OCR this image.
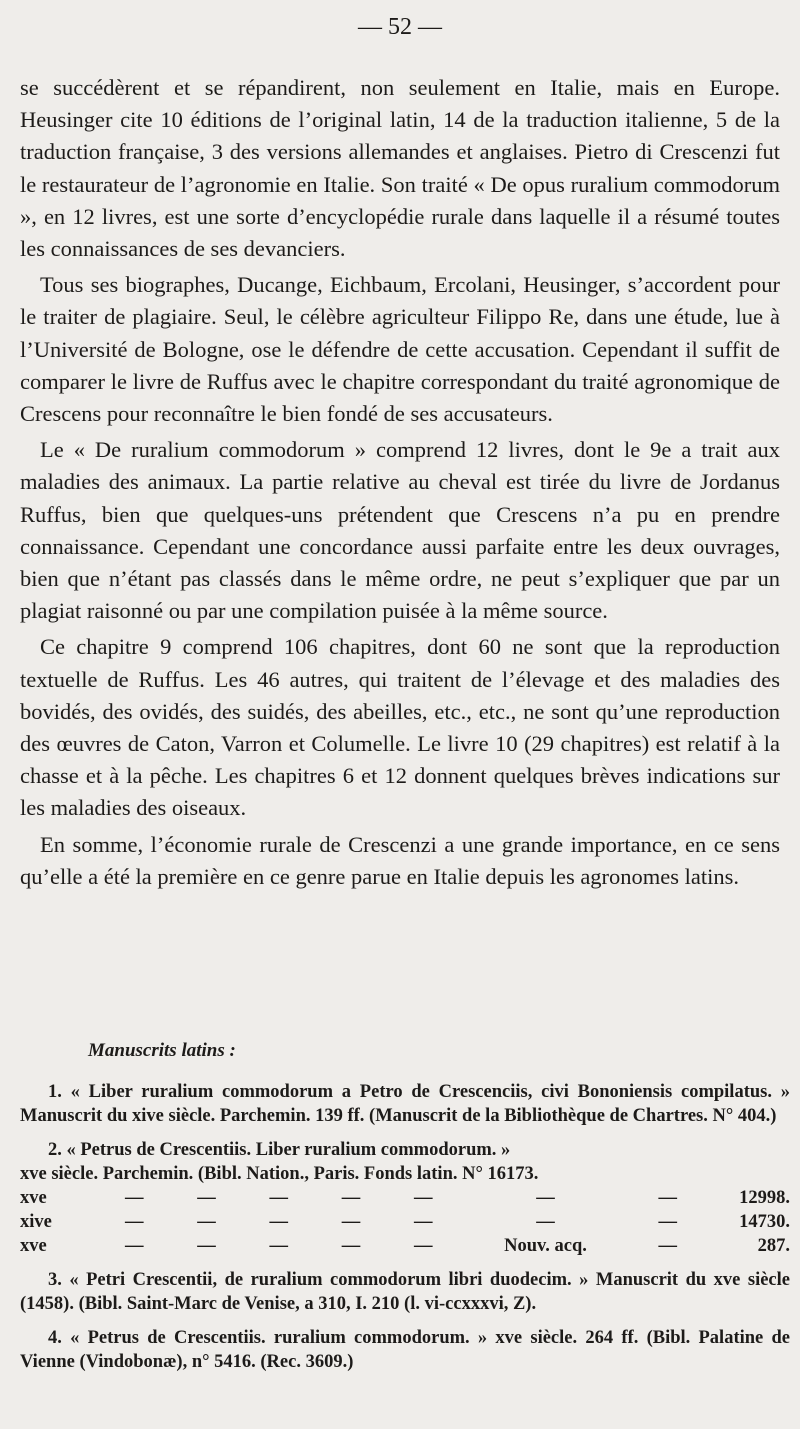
— 52 —

se succédèrent et se répandirent, non seulement en Italie, mais en Europe. Heusinger cite 10 éditions de l’original latin, 14 de la traduction italienne, 5 de la traduction française, 3 des versions allemandes et anglaises. Pietro di Crescenzi fut le restaurateur de l’agronomie en Italie. Son traité « De opus ruralium commodorum », en 12 livres, est une sorte d’encyclopédie rurale dans laquelle il a résumé toutes les connaissances de ses devanciers.

Tous ses biographes, Ducange, Eichbaum, Ercolani, Heusinger, s’accordent pour le traiter de plagiaire. Seul, le célèbre agriculteur Filippo Re, dans une étude, lue à l’Université de Bologne, ose le défendre de cette accusation. Cependant il suffit de comparer le livre de Ruffus avec le chapitre correspondant du traité agronomique de Crescens pour reconnaître le bien fondé de ses accusateurs.

Le « De ruralium commodorum » comprend 12 livres, dont le 9e a trait aux maladies des animaux. La partie relative au cheval est tirée du livre de Jordanus Ruffus, bien que quelques-uns prétendent que Crescens n’a pu en prendre connaissance. Cependant une concordance aussi parfaite entre les deux ouvrages, bien que n’étant pas classés dans le même ordre, ne peut s’expliquer que par un plagiat raisonné ou par une compilation puisée à la même source.

Ce chapitre 9 comprend 106 chapitres, dont 60 ne sont que la reproduction textuelle de Ruffus. Les 46 autres, qui traitent de l’élevage et des maladies des bovidés, des ovidés, des suidés, des abeilles, etc., etc., ne sont qu’une reproduction des œuvres de Caton, Varron et Columelle. Le livre 10 (29 chapitres) est relatif à la chasse et à la pêche. Les chapitres 6 et 12 donnent quelques brèves indications sur les maladies des oiseaux.

En somme, l’économie rurale de Crescenzi a une grande importance, en ce sens qu’elle a été la première en ce genre parue en Italie depuis les agronomes latins.

Manuscrits latins :

1. « Liber ruralium commodorum a Petro de Crescenciis, civi Bononiensis compilatus. » Manuscrit du xive siècle. Parchemin. 139 ff. (Manuscrit de la Bibliothèque de Chartres. N° 404.)

2. « Petrus de Crescentiis. Liber ruralium commodorum. »

xve siècle. Parchemin. (Bibl. Nation., Paris. Fonds latin. N° 16173.

xve	—	—	—	—	—	—	—	12998.
xive	—	—	—	—	—	—	—	14730.
xve	—	—	—	—	—	Nouv. acq.	—	287.

3. « Petri Crescentii, de ruralium commodorum libri duodecim. » Manuscrit du xve siècle (1458). (Bibl. Saint-Marc de Venise, a 310, I. 210 (l. vi-ccxxxvi, Z).

4. « Petrus de Crescentiis. ruralium commodorum. » xve siècle. 264 ff. (Bibl. Palatine de Vienne (Vindobonæ), n° 5416. (Rec. 3609.)
